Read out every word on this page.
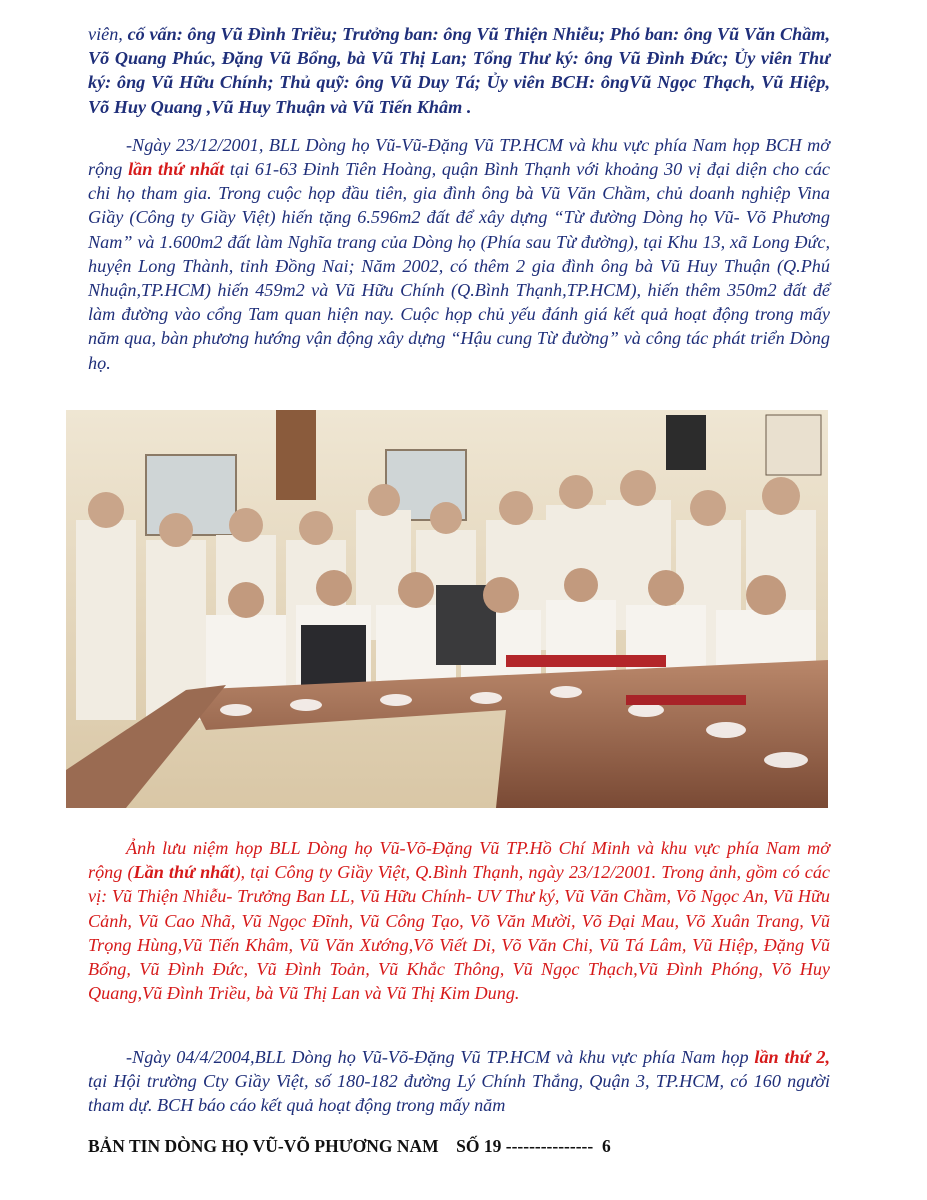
viên, cố vấn: ông Vũ Đình Triều; Trưởng ban: ông Vũ Thiện Nhiễu; Phó ban: ông Vũ Văn Chầm, Võ Quang Phúc, Đặng Vũ Bổng, bà Vũ Thị Lan; Tổng Thư ký: ông Vũ Đình Đức; Ủy viên Thư ký: ông Vũ Hữu Chính; Thủ quỹ: ông Vũ Duy Tá; Ủy viên BCH: ôngVũ Ngọc Thạch, Vũ Hiệp, Võ Huy Quang ,Vũ Huy Thuận và Vũ Tiến Khâm .

-Ngày 23/12/2001, BLL Dòng họ Vũ-Vũ-Đặng Vũ TP.HCM và khu vực phía Nam họp BCH mở rộng lần thứ nhất tại 61-63 Đinh Tiên Hoàng, quận Bình Thạnh với khoảng 30 vị đại diện cho các chi họ tham gia. Trong cuộc họp đầu tiên, gia đình ông bà Vũ Văn Chầm, chủ doanh nghiệp Vina Giầy (Công ty Giầy Việt) hiến tặng 6.596m2 đất để xây dựng “Từ đường Dòng họ Vũ- Võ Phương Nam” và 1.600m2 đất làm Nghĩa trang của Dòng họ (Phía sau Từ đường), tại Khu 13, xã Long Đức, huyện Long Thành, tỉnh Đồng Nai; Năm 2002, có thêm 2 gia đình ông bà Vũ Huy Thuận (Q.Phú Nhuận,TP.HCM) hiến 459m2 và Vũ Hữu Chính (Q.Bình Thạnh,TP.HCM), hiến thêm 350m2 đất để làm đường vào cổng Tam quan hiện nay. Cuộc họp chủ yếu đánh giá kết quả hoạt động trong mấy năm qua, bàn phương hướng vận động xây dựng “Hậu cung Từ đường” và công tác phát triển Dòng họ.

Ảnh lưu niệm họp BLL Dòng họ Vũ-Võ-Đặng Vũ TP.Hồ Chí Minh và khu vực phía Nam mở rộng (Lần thứ nhất), tại Công ty Giầy Việt, Q.Bình Thạnh, ngày 23/12/2001. Trong ảnh, gồm có các vị: Vũ Thiện Nhiễu- Trưởng Ban LL, Vũ Hữu Chính- UV Thư ký, Vũ Văn Chầm, Võ Ngọc An, Vũ Hữu Cảnh, Vũ Cao Nhã, Vũ Ngọc Đĩnh, Vũ Công Tạo, Võ Văn Mười, Võ Đại Mau, Võ Xuân Trang, Vũ Trọng Hùng,Vũ Tiến Khâm, Vũ Văn Xướng,Võ Viết Di, Võ Văn Chi, Vũ Tá Lâm, Vũ Hiệp, Đặng Vũ Bổng, Vũ Đình Đức, Vũ Đình Toản, Vũ Khắc Thông, Vũ Ngọc Thạch,Vũ Đình Phóng, Võ Huy Quang,Vũ Đình Triều, bà Vũ Thị Lan và Vũ Thị Kim Dung.

-Ngày 04/4/2004,BLL Dòng họ Vũ-Võ-Đặng Vũ TP.HCM và khu vực phía Nam họp lần thứ 2, tại Hội trường Cty Giầy Việt, số 180-182 đường Lý Chính Thắng, Quận 3, TP.HCM, có 160 người tham dự. BCH báo cáo kết quả hoạt động trong mấy năm

BẢN TIN DÒNG HỌ VŨ-VÕ PHƯƠNG NAM SỐ 19 --------------- 6
